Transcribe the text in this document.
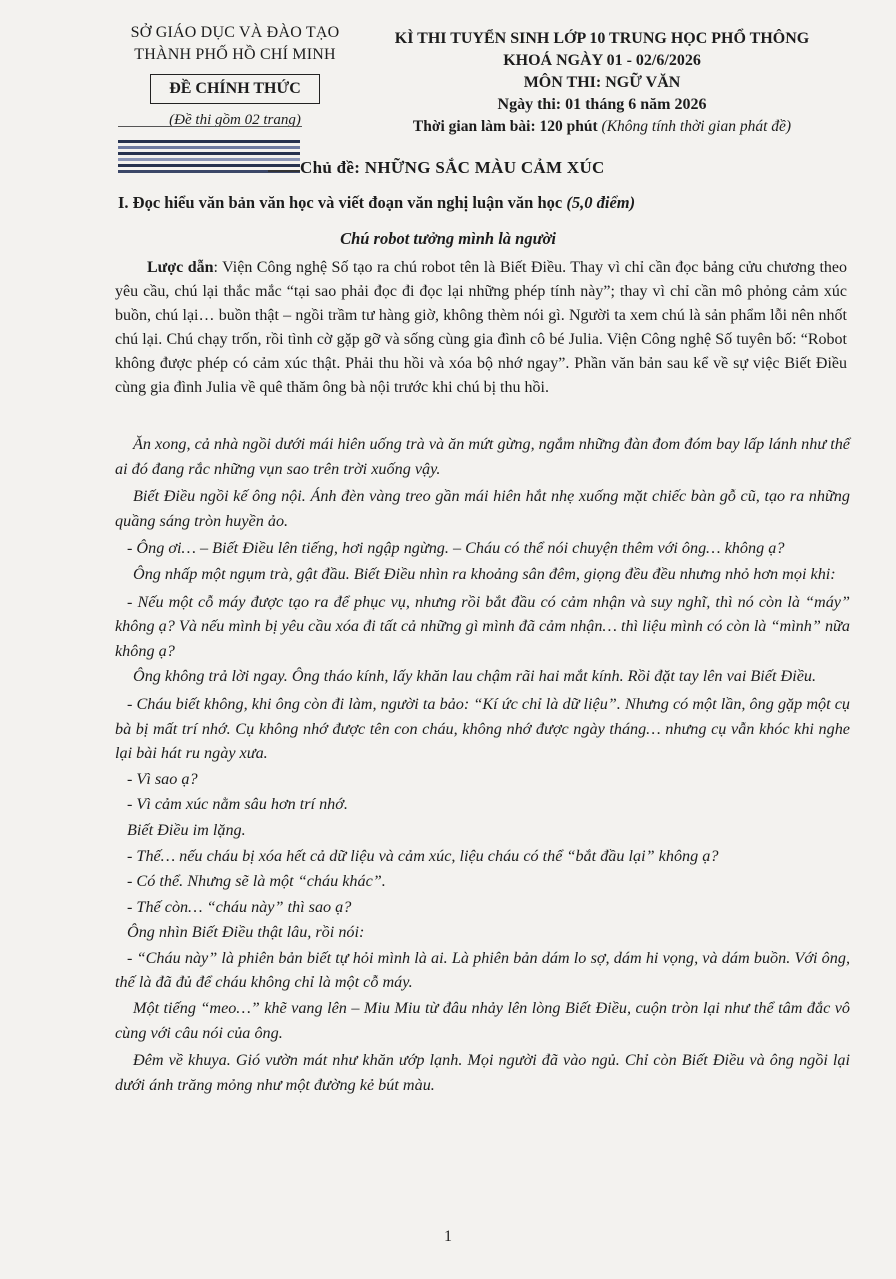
SỞ GIÁO DỤC VÀ ĐÀO TẠO
THÀNH PHỐ HỒ CHÍ MINH
ĐỀ CHÍNH THỨC
(Đề thi gồm 02 trang)
KÌ THI TUYỂN SINH LỚP 10 TRUNG HỌC PHỔ THÔNG
KHOÁ NGÀY 01 - 02/6/2026
MÔN THI: NGỮ VĂN
Ngày thi: 01 tháng 6 năm 2026
Thời gian làm bài: 120 phút (Không tính thời gian phát đề)
Chủ đề: NHỮNG SẮC MÀU CẢM XÚC
I. Đọc hiểu văn bản văn học và viết đoạn văn nghị luận văn học (5,0 điểm)
Chú robot tưởng mình là người

Lược dẫn: Viện Công nghệ Số tạo ra chú robot tên là Biết Điều. Thay vì chỉ cần đọc bảng cửu chương theo yêu cầu, chú lại thắc mắc “tại sao phải đọc đi đọc lại những phép tính này”; thay vì chỉ cần mô phỏng cảm xúc buồn, chú lại… buồn thật – ngồi trầm tư hàng giờ, không thèm nói gì. Người ta xem chú là sản phẩm lỗi nên nhốt chú lại. Chú chạy trốn, rồi tình cờ gặp gỡ và sống cùng gia đình cô bé Julia. Viện Công nghệ Số tuyên bố: “Robot không được phép có cảm xúc thật. Phải thu hồi và xóa bộ nhớ ngay”. Phần văn bản sau kể về sự việc Biết Điều cùng gia đình Julia về quê thăm ông bà nội trước khi chú bị thu hồi.

Ăn xong, cả nhà ngồi dưới mái hiên uống trà và ăn mứt gừng, ngắm những đàn đom đóm bay lấp lánh như thể ai đó đang rắc những vụn sao trên trời xuống vậy.

Biết Điều ngồi kế ông nội. Ánh đèn vàng treo gần mái hiên hắt nhẹ xuống mặt chiếc bàn gỗ cũ, tạo ra những quầng sáng tròn huyền ảo.

- Ông ơi… – Biết Điều lên tiếng, hơi ngập ngừng. – Cháu có thể nói chuyện thêm với ông… không ạ?

Ông nhấp một ngụm trà, gật đầu. Biết Điều nhìn ra khoảng sân đêm, giọng đều đều nhưng nhỏ hơn mọi khi:

- Nếu một cỗ máy được tạo ra để phục vụ, nhưng rồi bắt đầu có cảm nhận và suy nghĩ, thì nó còn là “máy” không ạ? Và nếu mình bị yêu cầu xóa đi tất cả những gì mình đã cảm nhận… thì liệu mình có còn là “mình” nữa không ạ?

Ông không trả lời ngay. Ông tháo kính, lấy khăn lau chậm rãi hai mắt kính. Rồi đặt tay lên vai Biết Điều.

- Cháu biết không, khi ông còn đi làm, người ta bảo: “Kí ức chỉ là dữ liệu”. Nhưng có một lần, ông gặp một cụ bà bị mất trí nhớ. Cụ không nhớ được tên con cháu, không nhớ được ngày tháng… nhưng cụ vẫn khóc khi nghe lại bài hát ru ngày xưa.

- Vì sao ạ?

- Vì cảm xúc nằm sâu hơn trí nhớ.

Biết Điều im lặng.

- Thế… nếu cháu bị xóa hết cả dữ liệu và cảm xúc, liệu cháu có thể “bắt đầu lại” không ạ?

- Có thể. Nhưng sẽ là một “cháu khác”.

- Thế còn… “cháu này” thì sao ạ?

Ông nhìn Biết Điều thật lâu, rồi nói:

- “Cháu này” là phiên bản biết tự hỏi mình là ai. Là phiên bản dám lo sợ, dám hi vọng, và dám buồn. Với ông, thế là đã đủ để cháu không chỉ là một cỗ máy.

Một tiếng “meo…” khẽ vang lên – Miu Miu từ đâu nhảy lên lòng Biết Điều, cuộn tròn lại như thể tâm đắc vô cùng với câu nói của ông.

Đêm về khuya. Gió vườn mát như khăn ướp lạnh. Mọi người đã vào ngủ. Chỉ còn Biết Điều và ông ngồi lại dưới ánh trăng mỏng như một đường kẻ bút màu.

1
